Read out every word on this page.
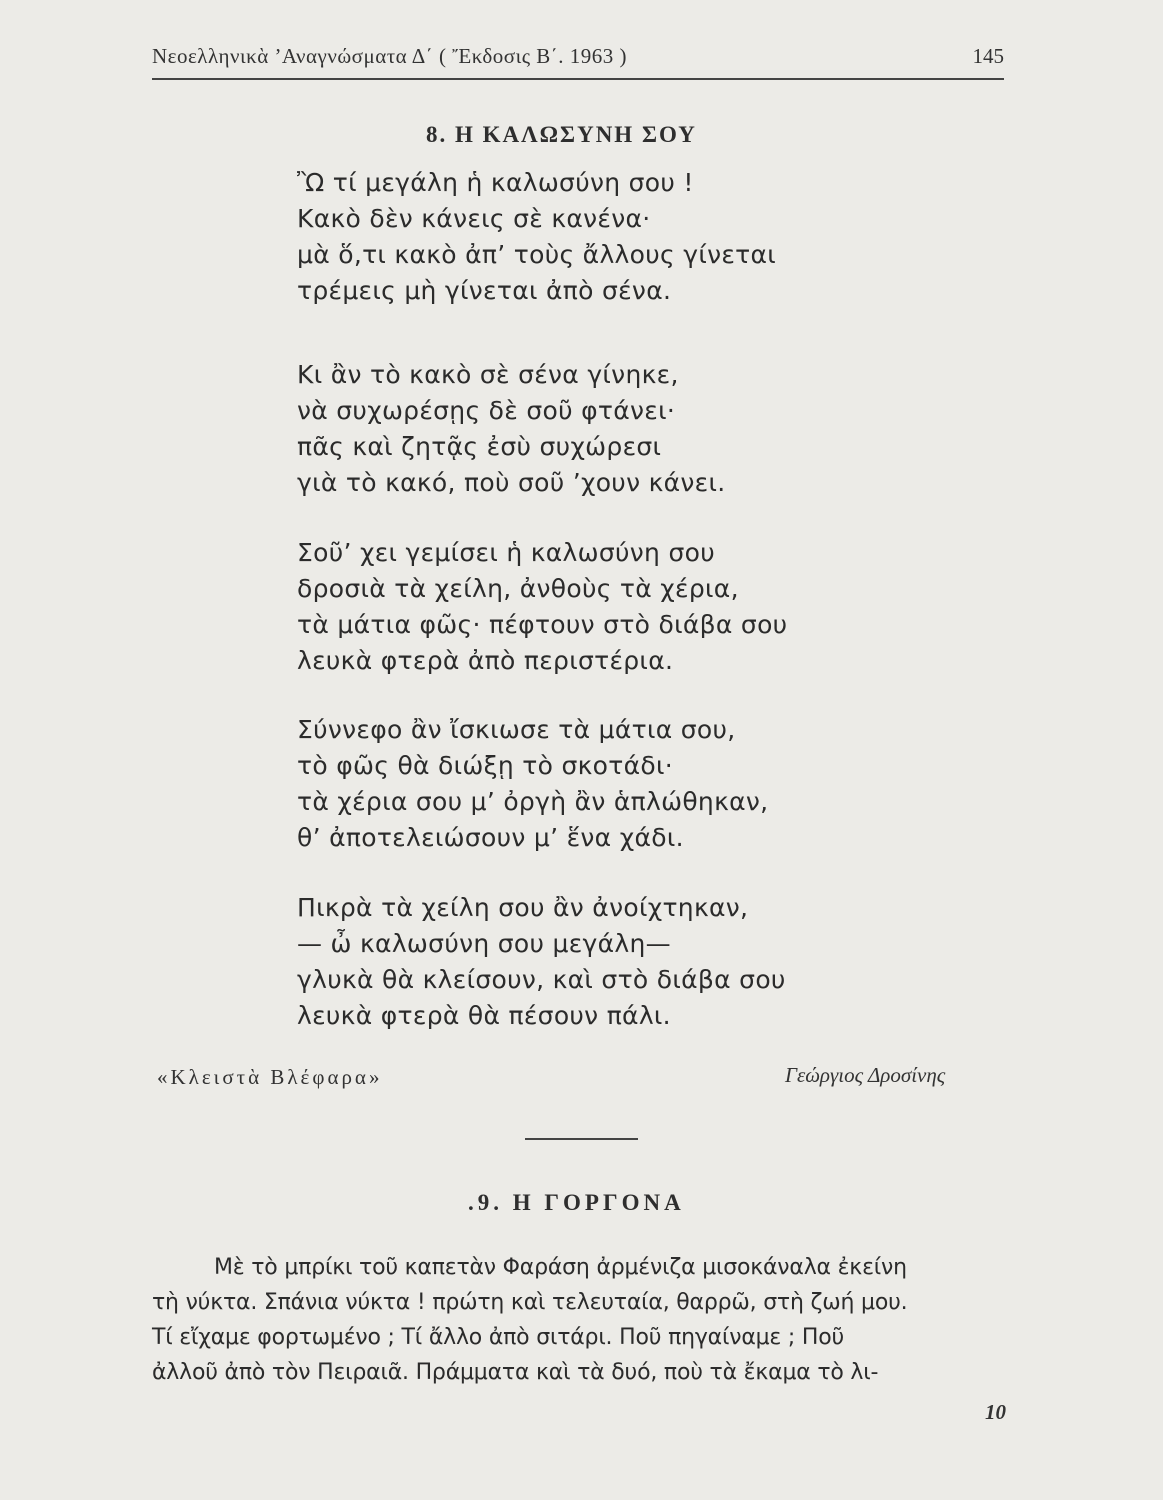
Νεοελληνικὰ ’Αναγνώσματα Δ΄ ( Ἔκδοσις Β΄. 1963 )	145
8. Η ΚΑΛΩΣΥΝΗ ΣΟΥ
Ὢ τί μεγάλη ἡ καλωσύνη σου !
Κακὸ δὲν κάνεις σὲ κανένα·
μὰ ὅ,τι κακὸ ἀπ’ τοὺς ἄλλους γίνεται
τρέμεις μὴ γίνεται ἀπὸ σένα.
Κι ἂν τὸ κακὸ σὲ σένα γίνηκε,
νὰ συχωρέσῃς δὲ σοῦ φτάνει·
πᾶς καὶ ζητᾷς ἐσὺ συχώρεσι
γιὰ τὸ κακό, ποὺ σοῦ ’χουν κάνει.
Σοῦ’ χει γεμίσει ἡ καλωσύνη σου
δροσιὰ τὰ χείλη, ἀνθοὺς τὰ χέρια,
τὰ μάτια φῶς· πέφτουν στὸ διάβα σου
λευκὰ φτερὰ ἀπὸ περιστέρια.
Σύννεφο ἂν ἴσκιωσε τὰ μάτια σου,
τὸ φῶς θὰ διώξῃ τὸ σκοτάδι·
τὰ χέρια σου μ’ ὀργὴ ἂν ἁπλώθηκαν,
θ’ ἀποτελειώσουν μ’ ἕνα χάδι.
Πικρὰ τὰ χείλη σου ἂν ἀνοίχτηκαν,
— ὦ καλωσύνη σου μεγάλη—
γλυκὰ θὰ κλείσουν, καὶ στὸ διάβα σου
λευκὰ φτερὰ θὰ πέσουν πάλι.
«Κλειστὰ Βλέφαρα»	Γεώργιος Δροσίνης
.9. Η ΓΟΡΓΟΝΑ
Μὲ τὸ μπρίκι τοῦ καπετὰν Φαράση ἀρμένιζα μισοκάναλα ἐκείνη
τὴ νύκτα. Σπάνια νύκτα ! πρώτη καὶ τελευταία, θαρρῶ, στὴ ζωή μου.
Τί εἴχαμε φορτωμένο ; Τί ἄλλο ἀπὸ σιτάρι. Ποῦ πηγαίναμε ; Ποῦ
ἀλλοῦ ἀπὸ τὸν Πειραιᾶ. Πράμματα καὶ τὰ δυό, ποὺ τὰ ἔκαμα τὸ λι-
10
